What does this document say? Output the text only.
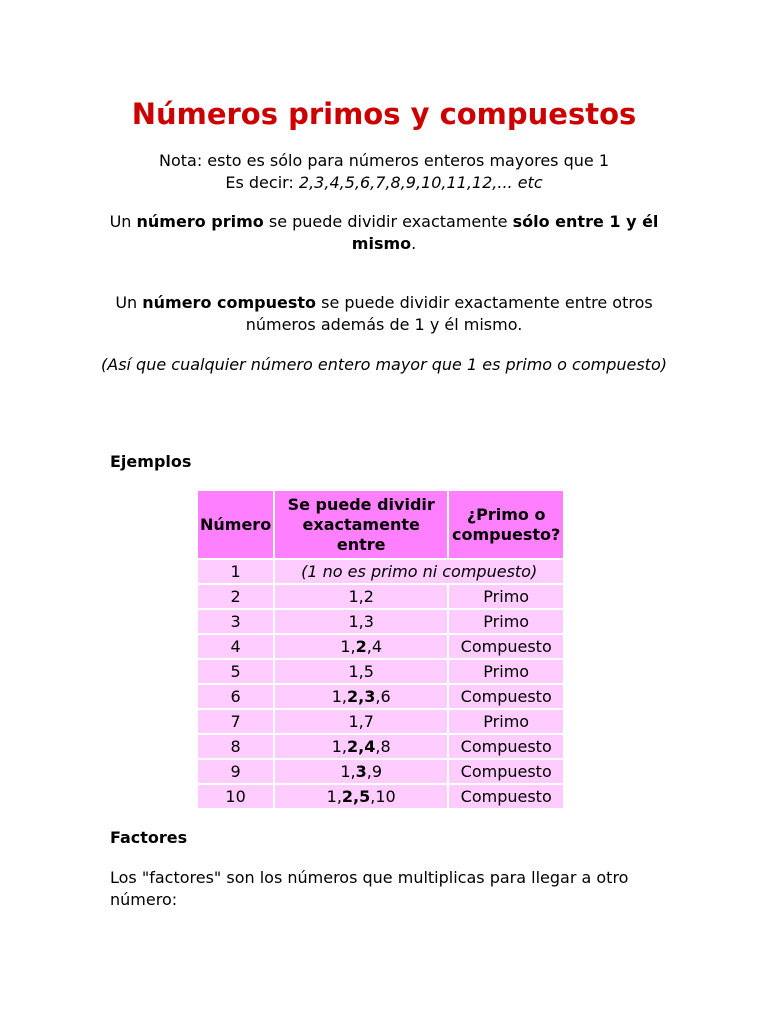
Números primos y compuestos
Nota: esto es sólo para números enteros mayores que 1
Es decir: 2,3,4,5,6,7,8,9,10,11,12,... etc
Un número primo se puede dividir exactamente sólo entre 1 y él mismo.
Un número compuesto se puede dividir exactamente entre otros números además de 1 y él mismo.
(Así que cualquier número entero mayor que 1 es primo o compuesto)
Ejemplos
Número	Se puede dividir exactamente entre	¿Primo o compuesto?
1	(1 no es primo ni compuesto)	
2	1,2	Primo
3	1,3	Primo
4	1,2,4	Compuesto
5	1,5	Primo
6	1,2,3,6	Compuesto
7	1,7	Primo
8	1,2,4,8	Compuesto
9	1,3,9	Compuesto
10	1,2,5,10	Compuesto
Factores
Los "factores" son los números que multiplicas para llegar a otro número:
